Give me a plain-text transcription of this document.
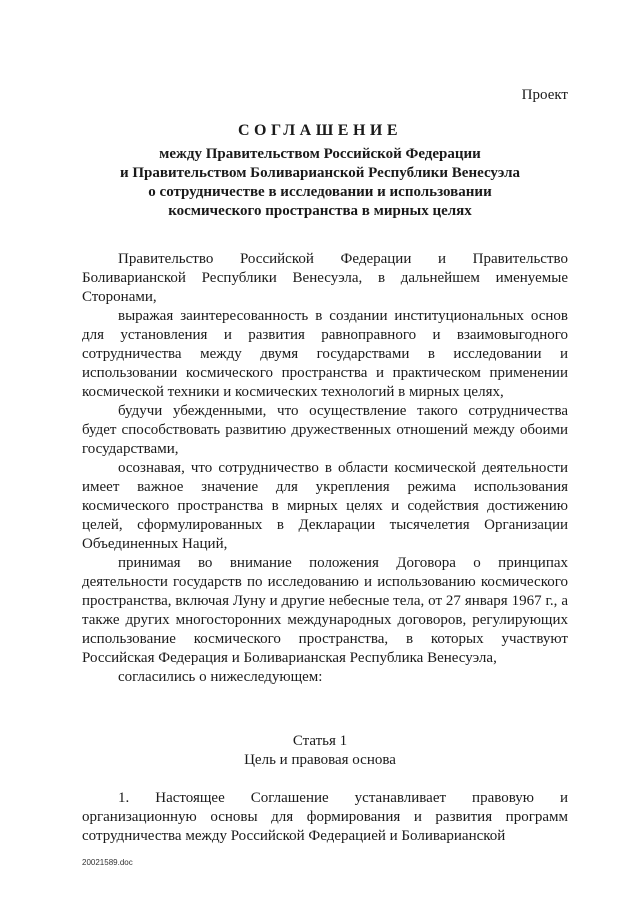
Проект
СОГЛАШЕНИЕ
между Правительством Российской Федерации
и Правительством Боливарианской Республики Венесуэла
о сотрудничестве в исследовании и использовании
космического пространства в мирных целях

Правительство Российской Федерации и Правительство Боливарианской Республики Венесуэла, в дальнейшем именуемые Сторонами,

выражая заинтересованность в создании институциональных основ для установления и развития равноправного и взаимовыгодного сотрудничества между двумя государствами в исследовании и использовании космического пространства и практическом применении космической техники и космических технологий в мирных целях,

будучи убежденными, что осуществление такого сотрудничества будет способствовать развитию дружественных отношений между обоими государствами,

осознавая, что сотрудничество в области космической деятельности имеет важное значение для укрепления режима использования космического пространства в мирных целях и содействия достижению целей, сформулированных в Декларации тысячелетия Организации Объединенных Наций,

принимая во внимание положения Договора о принципах деятельности государств по исследованию и использованию космического пространства, включая Луну и другие небесные тела, от 27 января 1967 г., а также других многосторонних международных договоров, регулирующих использование космического пространства, в которых участвуют Российская Федерация и Боливарианская Республика Венесуэла,

согласились о нижеследующем:

Статья 1
Цель и правовая основа

1. Настоящее Соглашение устанавливает правовую и организационную основы для формирования и развития программ сотрудничества между Российской Федерацией и Боливарианской

20021589.doc
